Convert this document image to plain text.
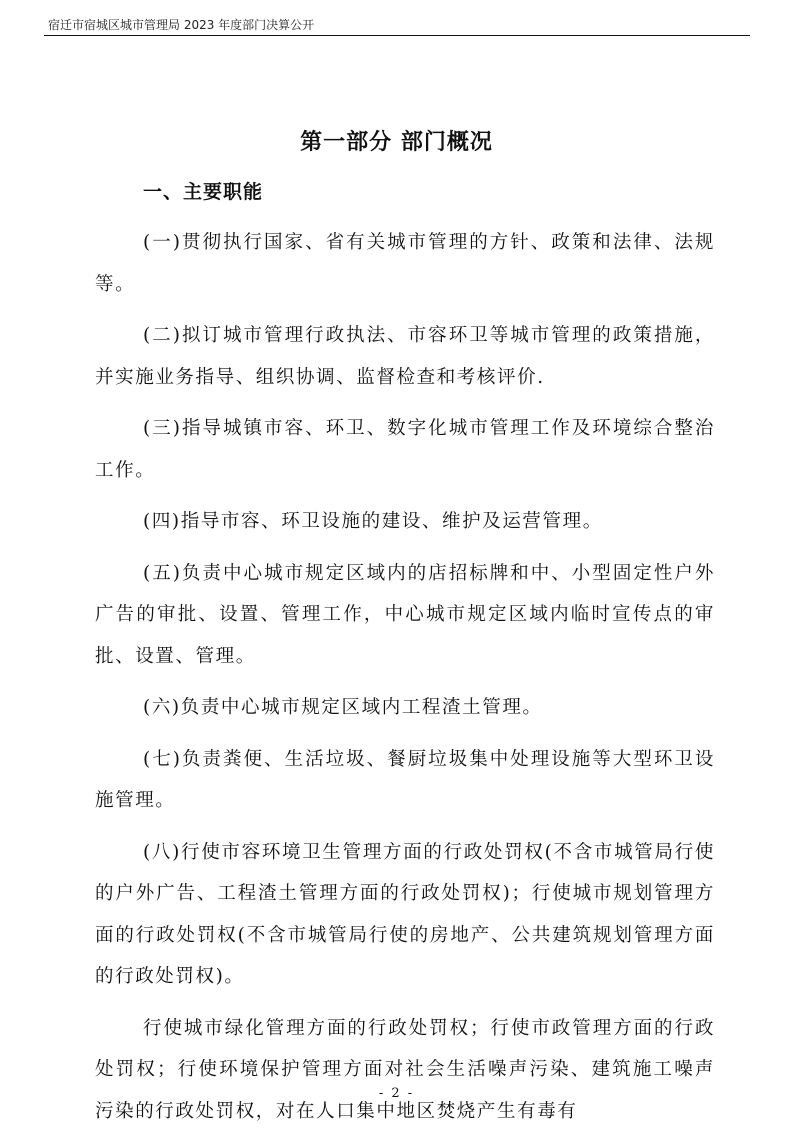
宿迁市宿城区城市管理局 2023 年度部门决算公开
第一部分 部门概况
一、主要职能

(一)贯彻执行国家、省有关城市管理的方针、政策和法律、法规等。

(二)拟订城市管理行政执法、市容环卫等城市管理的政策措施，并实施业务指导、组织协调、监督检查和考核评价.

(三)指导城镇市容、环卫、数字化城市管理工作及环境综合整治工作。

(四)指导市容、环卫设施的建设、维护及运营管理。

(五)负责中心城市规定区域内的店招标牌和中、小型固定性户外广告的审批、设置、管理工作，中心城市规定区域内临时宣传点的审批、设置、管理。

(六)负责中心城市规定区域内工程渣土管理。

(七)负责粪便、生活垃圾、餐厨垃圾集中处理设施等大型环卫设施管理。

(八)行使市容环境卫生管理方面的行政处罚权(不含市城管局行使的户外广告、工程渣土管理方面的行政处罚权)；行使城市规划管理方面的行政处罚权(不含市城管局行使的房地产、公共建筑规划管理方面的行政处罚权)。

行使城市绿化管理方面的行政处罚权；行使市政管理方面的行政处罚权；行使环境保护管理方面对社会生活噪声污染、建筑施工噪声污染的行政处罚权，对在人口集中地区焚烧产生有毒有

- 2 -
